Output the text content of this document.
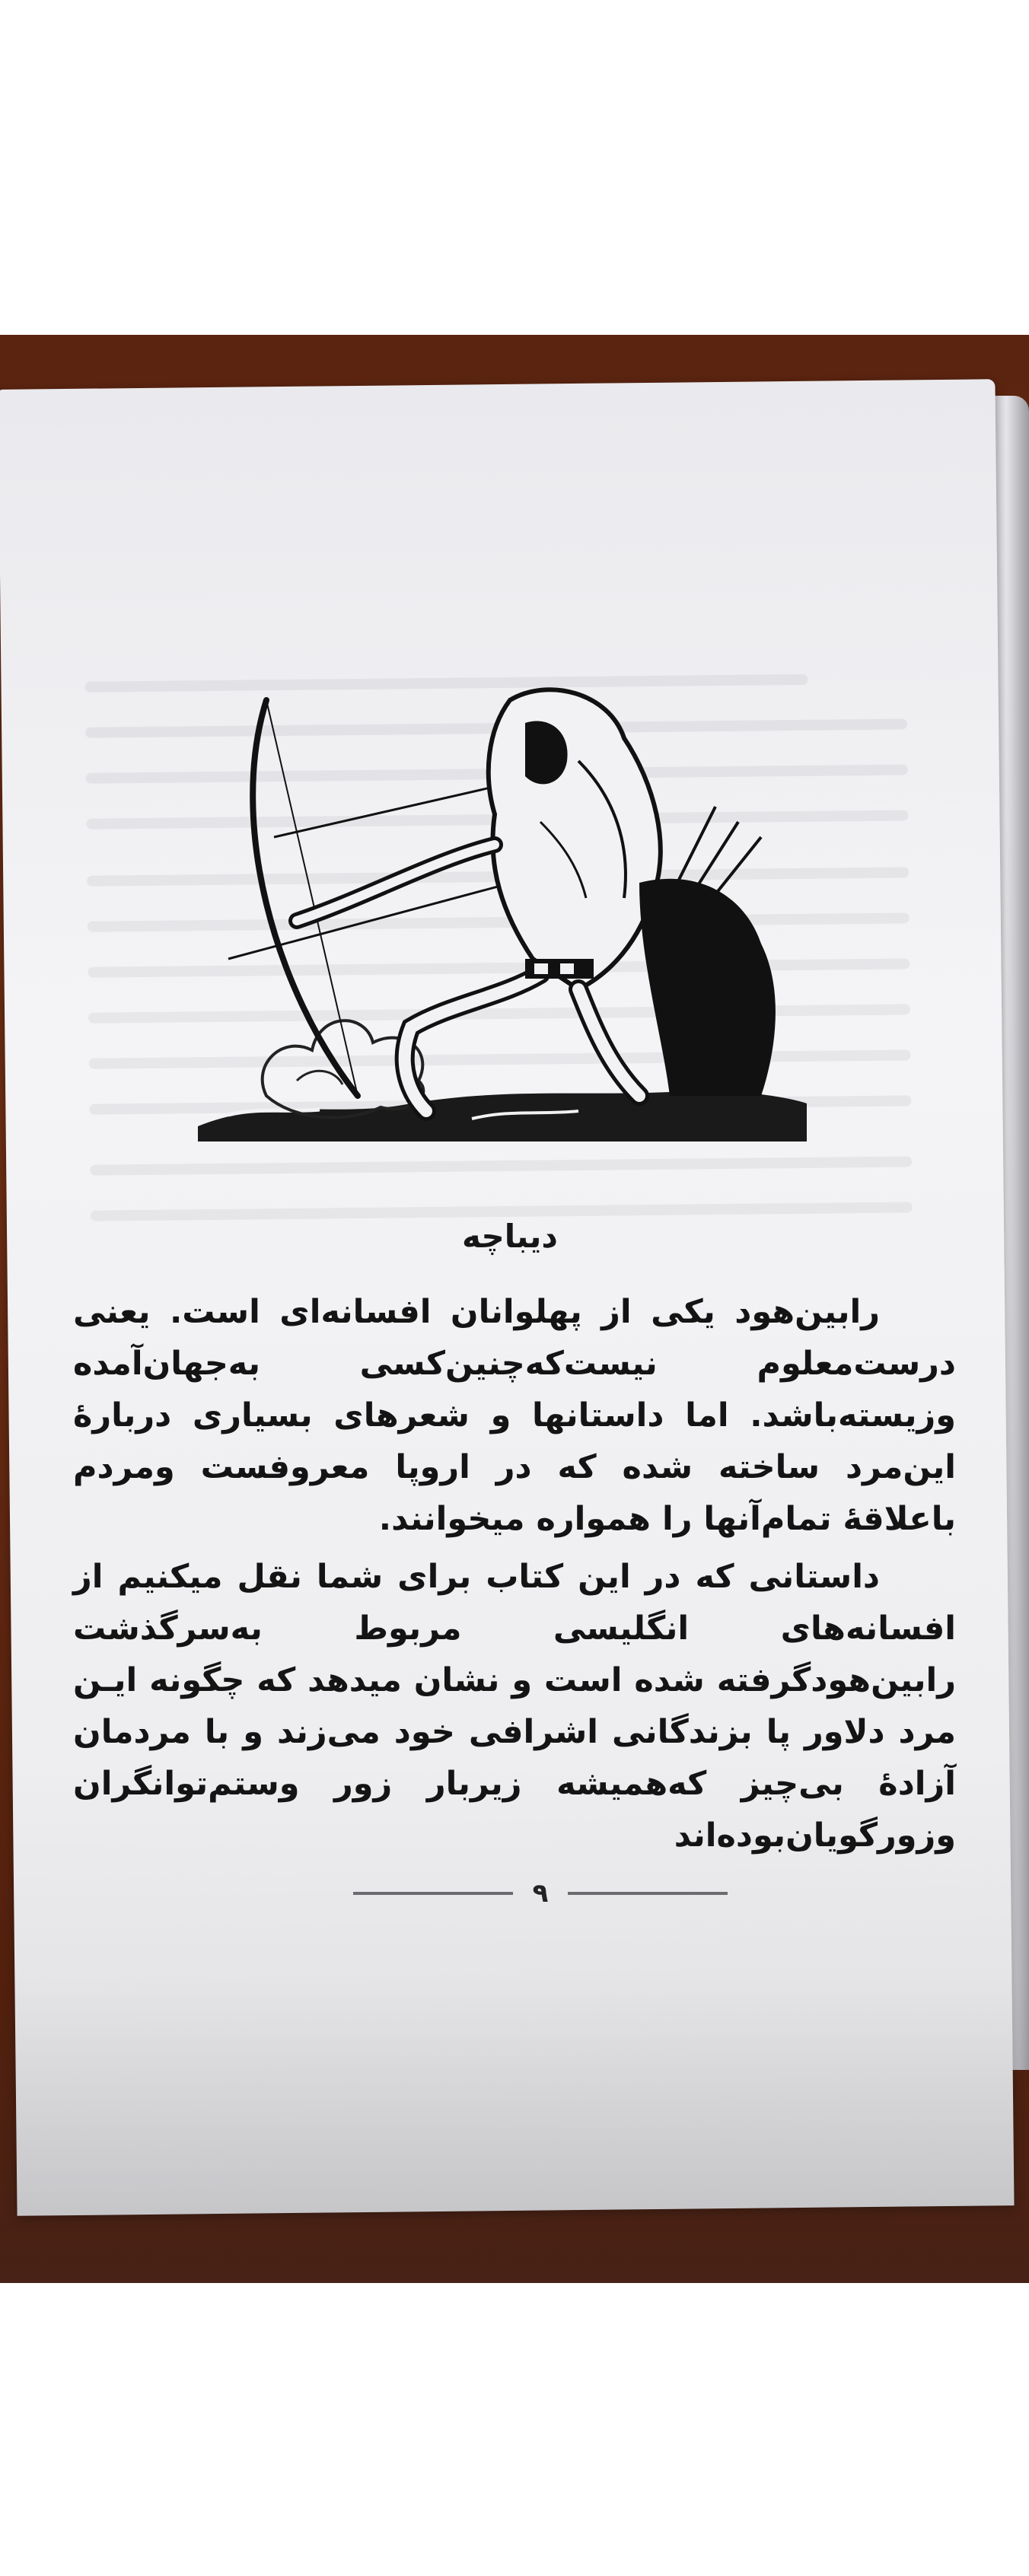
دیباچه

رابین‌هود یکی از پهلوانان افسانه‌ای است. یعنی درست‌معلوم نیست‌که‌چنین‌کسی به‌جهان‌آمده وزیسته‌باشد. اما داستانها و شعرهای بسیاری دربارهٔ این‌مرد ساخته شده که در اروپا معروفست ومردم باعلاقهٔ تمام‌آنها را همواره میخوانند.

داستانی که در این کتاب برای شما نقل میکنیم از افسانه‌های انگلیسی مربوط به‌سرگذشت رابین‌هودگرفته شده است و نشان میدهد که چگونه ایـن مرد دلاور پا بزندگانی اشرافی خود می‌زند و با مردمان آزادهٔ بی‌چیز که‌همیشه زیربار زور وستم‌توانگران وزورگویان‌بوده‌اند

۹
